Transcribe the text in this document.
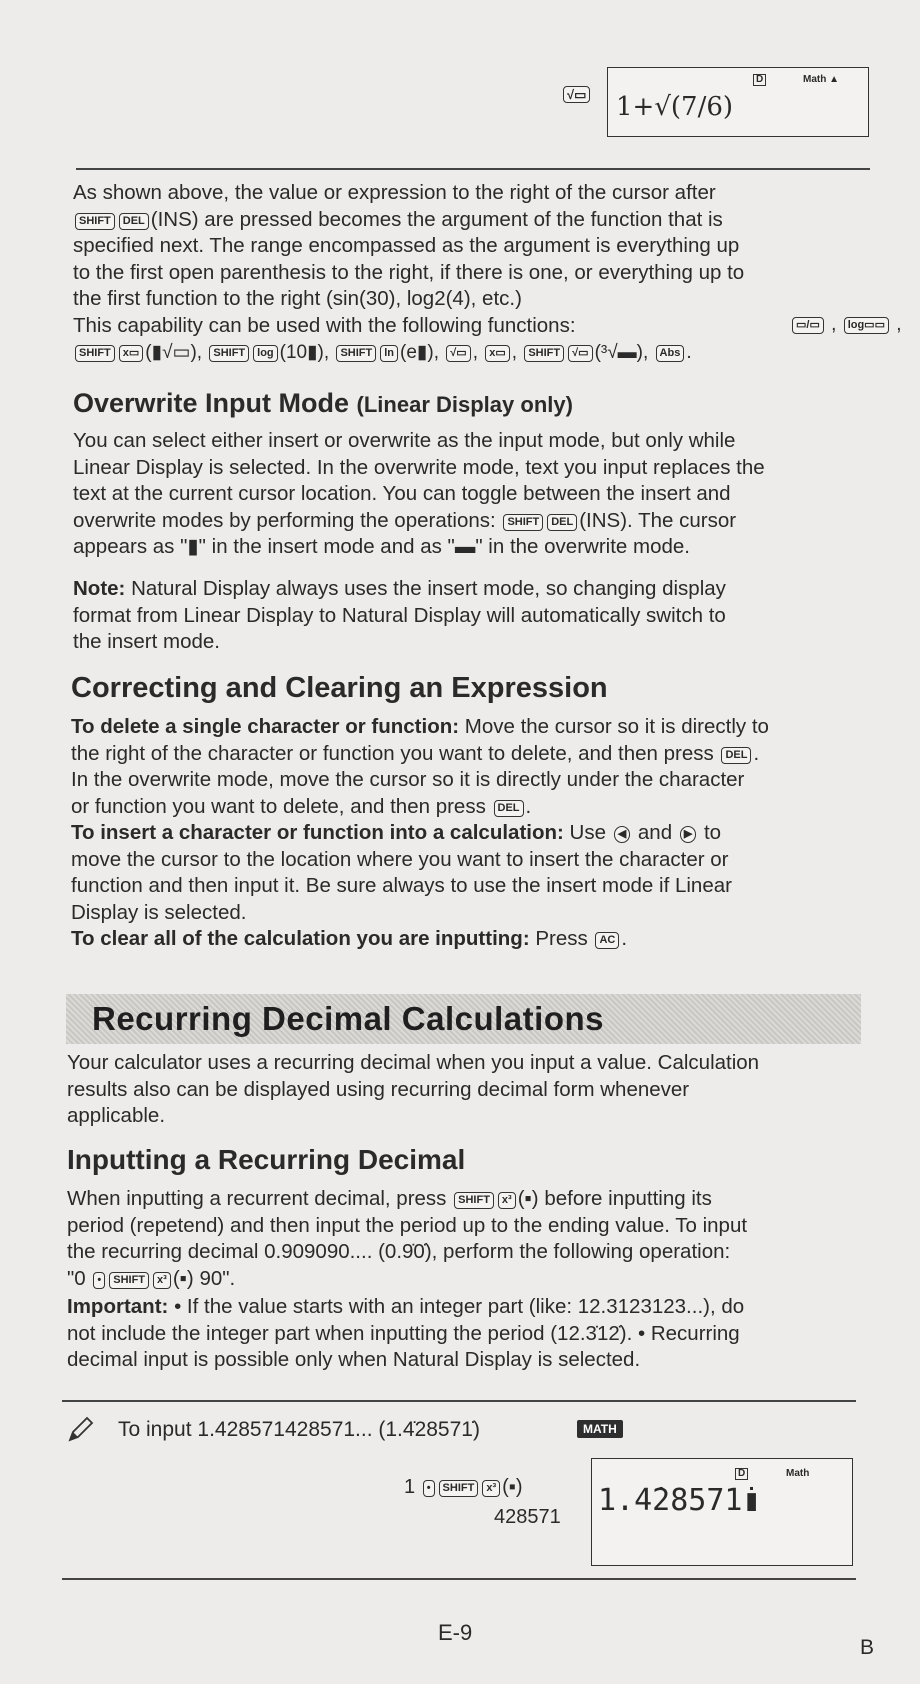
√▭
D	Math ▲
1+√(7/6)

As shown above, the value or expression to the right of the cursor after
SHIFT DEL (INS) are pressed becomes the argument of the function that is
specified next. The range encompassed as the argument is everything up
to the first open parenthesis to the right, if there is one, or everything up to
the first function to the right (sin(30), log2(4), etc.)
This capability can be used with the following functions:

SHIFT x▭ (▮√▭), SHIFT log (10▮), SHIFT ln (e▮), √▭ , x▭ , SHIFT √▭ (³√▬), Abs .
▭/▭ , log▭▭ ,
Overwrite Input Mode (Linear Display only)

You can select either insert or overwrite as the input mode, but only while
Linear Display is selected. In the overwrite mode, text you input replaces the
text at the current cursor location. You can toggle between the insert and
overwrite modes by performing the operations: SHIFT DEL (INS). The cursor
appears as "▮" in the insert mode and as "▬" in the overwrite mode.

Note: Natural Display always uses the insert mode, so changing display
format from Linear Display to Natural Display will automatically switch to
the insert mode.

Correcting and Clearing an Expression

To delete a single character or function: Move the cursor so it is directly to
the right of the character or function you want to delete, and then press DEL .
In the overwrite mode, move the cursor so it is directly under the character
or function you want to delete, and then press DEL .
To insert a character or function into a calculation: Use ◀ and ▶ to
move the cursor to the location where you want to insert the character or
function and then input it. Be sure always to use the insert mode if Linear
Display is selected.
To clear all of the calculation you are inputting: Press AC .

Recurring Decimal Calculations

Your calculator uses a recurring decimal when you input a value. Calculation
results also can be displayed using recurring decimal form whenever
applicable.

Inputting a Recurring Decimal

When inputting a recurrent decimal, press SHIFT x³ (▪) before inputting its
period (repetend) and then input the period up to the ending value. To input
the recurring decimal 0.909090.... (0.9̇0̇), perform the following operation:
"0 • SHIFT x³ (▪) 90".

Important: • If the value starts with an integer part (like: 12.3123123...), do
not include the integer part when inputting the period (12.3̇12̇). • Recurring
decimal input is possible only when Natural Display is selected.

To input 1.428571428571... (1.4̇28571̇)	MATH
1 • SHIFT x³ (▪)
428571
D	Math
1.4̇28571̇▮
E-9
B
